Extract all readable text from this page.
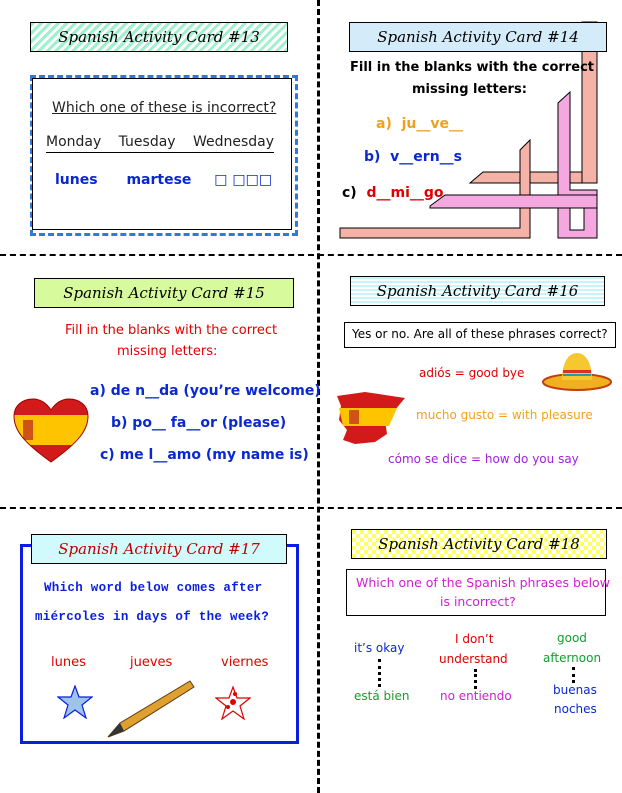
Spanish Activity Card #13
Which one of these is incorrect?
Monday Tuesday Wednesday
lunes martese □ □□□
Spanish Activity Card #14
Fill in the blanks with the correct
missing letters:
a) ju__ve__
b) v__ern__s
c) d__mi__go
Spanish Activity Card #15
Fill in the blanks with the correct
missing letters:
a) de n__da (you’re welcome)
b) po__ fa__or (please)
c) me l__amo (my name is)
Spanish Activity Card #16
Yes or no. Are all of these phrases correct?
adiós = good bye
mucho gusto = with pleasure
cómo se dice = how do you say
Spanish Activity Card #17
Which word below comes after
miércoles in days of the week?
lunes	jueves	viernes
Spanish Activity Card #18
Which one of the Spanish phrases below
is incorrect?
it’s okay
está bien
I don’t
understand
no entiendo
good
afternoon
buenas
noches
